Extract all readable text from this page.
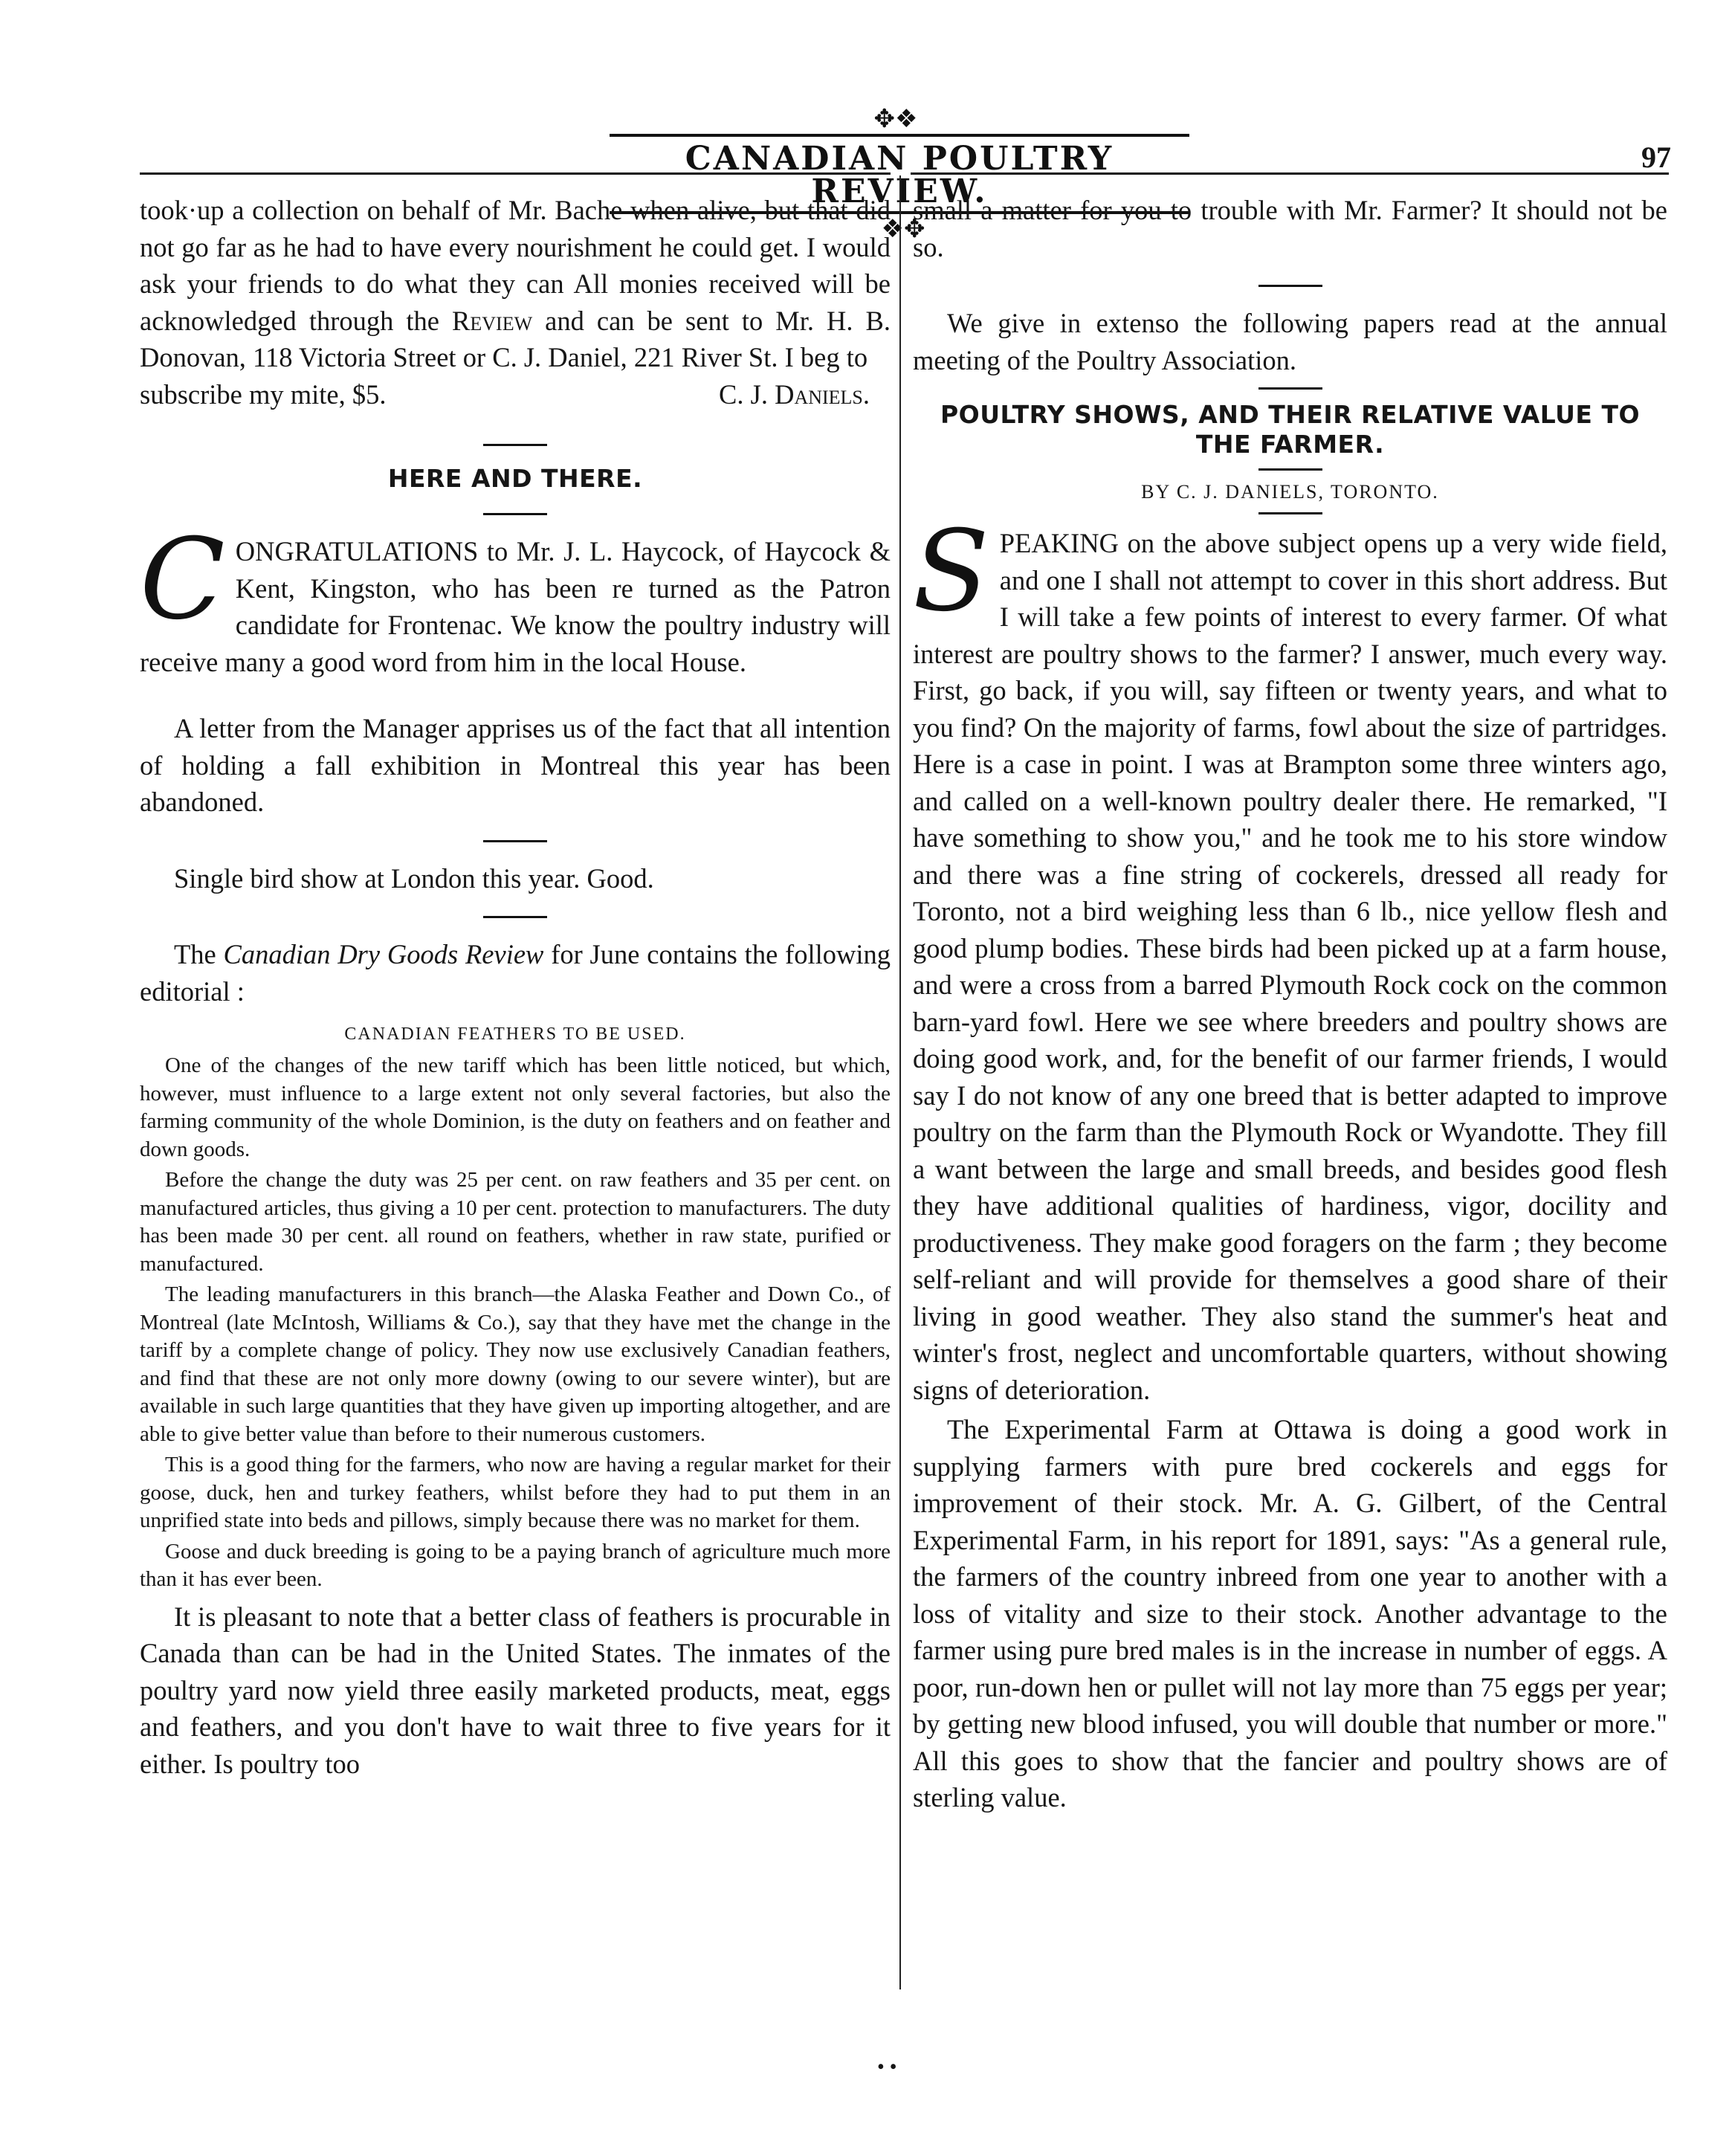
✥❖CANADIAN POULTRY REVIEW.❖✥
97

took·up a collection on behalf of Mr. Bache when alive, but that did not go far as he had to have every nourishment he could get. I would ask your friends to do what they can All monies received will be acknowledged through the Review and can be sent to Mr. H. B. Donovan, 118 Victoria Street or C. J. Daniel, 221 River St. I beg to

subscribe my mite, $5.	C. J. Daniels.
HERE AND THERE.

CONGRATULATIONS to Mr. J. L. Haycock, of Haycock & Kent, Kingston, who has been re turned as the Patron candidate for Frontenac. We know the poultry industry will receive many a good word from him in the local House.

A letter from the Manager apprises us of the fact that all intention of holding a fall exhibition in Montreal this year has been abandoned.

Single bird show at London this year. Good.

The Canadian Dry Goods Review for June contains the following editorial :

CANADIAN FEATHERS TO BE USED.

One of the changes of the new tariff which has been little noticed, but which, however, must influence to a large extent not only several factories, but also the farming community of the whole Dominion, is the duty on feathers and on feather and down goods.

Before the change the duty was 25 per cent. on raw feathers and 35 per cent. on manufactured articles, thus giving a 10 per cent. protection to manufacturers. The duty has been made 30 per cent. all round on feathers, whether in raw state, purified or manufactured.

The leading manufacturers in this branch—the Alaska Feather and Down Co., of Montreal (late McIntosh, Williams & Co.), say that they have met the change in the tariff by a complete change of policy. They now use exclusively Canadian feathers, and find that these are not only more downy (owing to our severe winter), but are available in such large quantities that they have given up importing altogether, and are able to give better value than before to their numerous customers.

This is a good thing for the farmers, who now are having a regular market for their goose, duck, hen and turkey feathers, whilst before they had to put them in an unprified state into beds and pillows, simply because there was no market for them.

Goose and duck breeding is going to be a paying branch of agriculture much more than it has ever been.

It is pleasant to note that a better class of feathers is procurable in Canada than can be had in the United States. The inmates of the poultry yard now yield three easily marketed products, meat, eggs and feathers, and you don't have to wait three to five years for it either. Is poultry too

small a matter for you to trouble with Mr. Farmer? It should not be so.

We give in extenso the following papers read at the annual meeting of the Poultry Association.

POULTRY SHOWS, AND THEIR RELATIVE VALUE TO THE FARMER.
BY C. J. DANIELS, TORONTO.

SPEAKING on the above subject opens up a very wide field, and one I shall not attempt to cover in this short address. But I will take a few points of interest to every farmer. Of what interest are poultry shows to the farmer? I answer, much every way. First, go back, if you will, say fifteen or twenty years, and what to you find? On the majority of farms, fowl about the size of partridges. Here is a case in point. I was at Brampton some three winters ago, and called on a well-known poultry dealer there. He remarked, "I have something to show you," and he took me to his store window and there was a fine string of cockerels, dressed all ready for Toronto, not a bird weighing less than 6 lb., nice yellow flesh and good plump bodies. These birds had been picked up at a farm house, and were a cross from a barred Plymouth Rock cock on the common barn-yard fowl. Here we see where breeders and poultry shows are doing good work, and, for the benefit of our farmer friends, I would say I do not know of any one breed that is better adapted to improve poultry on the farm than the Plymouth Rock or Wyandotte. They fill a want between the large and small breeds, and besides good flesh they have additional qualities of hardiness, vigor, docility and productiveness. They make good foragers on the farm ; they become self-reliant and will provide for themselves a good share of their living in good weather. They also stand the summer's heat and winter's frost, neglect and uncomfortable quarters, without showing signs of deterioration.

The Experimental Farm at Ottawa is doing a good work in supplying farmers with pure bred cockerels and eggs for improvement of their stock. Mr. A. G. Gilbert, of the Central Experimental Farm, in his report for 1891, says: "As a general rule, the farmers of the country inbreed from one year to another with a loss of vitality and size to their stock. Another advantage to the farmer using pure bred males is in the increase in number of eggs. A poor, run-down hen or pullet will not lay more than 75 eggs per year; by getting new blood infused, you will double that number or more." All this goes to show that the fancier and poultry shows are of sterling value.

• •
